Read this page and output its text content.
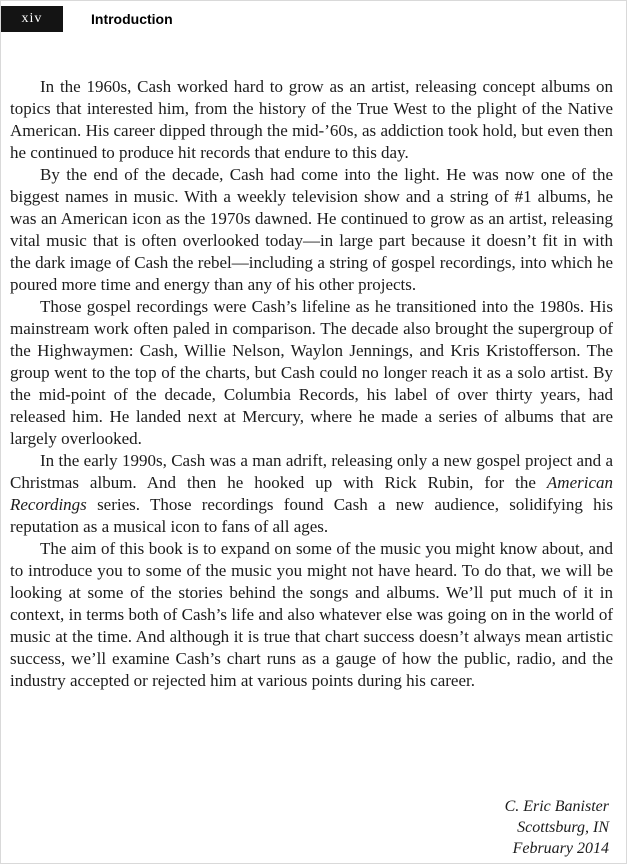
xiv	Introduction

In the 1960s, Cash worked hard to grow as an artist, releasing concept albums on topics that interested him, from the history of the True West to the plight of the Native American. His career dipped through the mid-’60s, as addiction took hold, but even then he continued to produce hit records that endure to this day.

By the end of the decade, Cash had come into the light. He was now one of the biggest names in music. With a weekly television show and a string of #1 albums, he was an American icon as the 1970s dawned. He continued to grow as an artist, releasing vital music that is often overlooked today—in large part because it doesn’t fit in with the dark image of Cash the rebel—including a string of gospel recordings, into which he poured more time and energy than any of his other projects.

Those gospel recordings were Cash’s lifeline as he transitioned into the 1980s. His mainstream work often paled in comparison. The decade also brought the supergroup of the Highwaymen: Cash, Willie Nelson, Waylon Jennings, and Kris Kristofferson. The group went to the top of the charts, but Cash could no longer reach it as a solo artist. By the mid-point of the decade, Columbia Records, his label of over thirty years, had released him. He landed next at Mercury, where he made a series of albums that are largely overlooked.

In the early 1990s, Cash was a man adrift, releasing only a new gospel project and a Christmas album. And then he hooked up with Rick Rubin, for the American Recordings series. Those recordings found Cash a new audience, solidifying his reputation as a musical icon to fans of all ages.

The aim of this book is to expand on some of the music you might know about, and to introduce you to some of the music you might not have heard. To do that, we will be looking at some of the stories behind the songs and albums. We’ll put much of it in context, in terms both of Cash’s life and also whatever else was going on in the world of music at the time. And although it is true that chart success doesn’t always mean artistic success, we’ll examine Cash’s chart runs as a gauge of how the public, radio, and the industry accepted or rejected him at various points during his career.

C. Eric Banister
Scottsburg, IN
February 2014
